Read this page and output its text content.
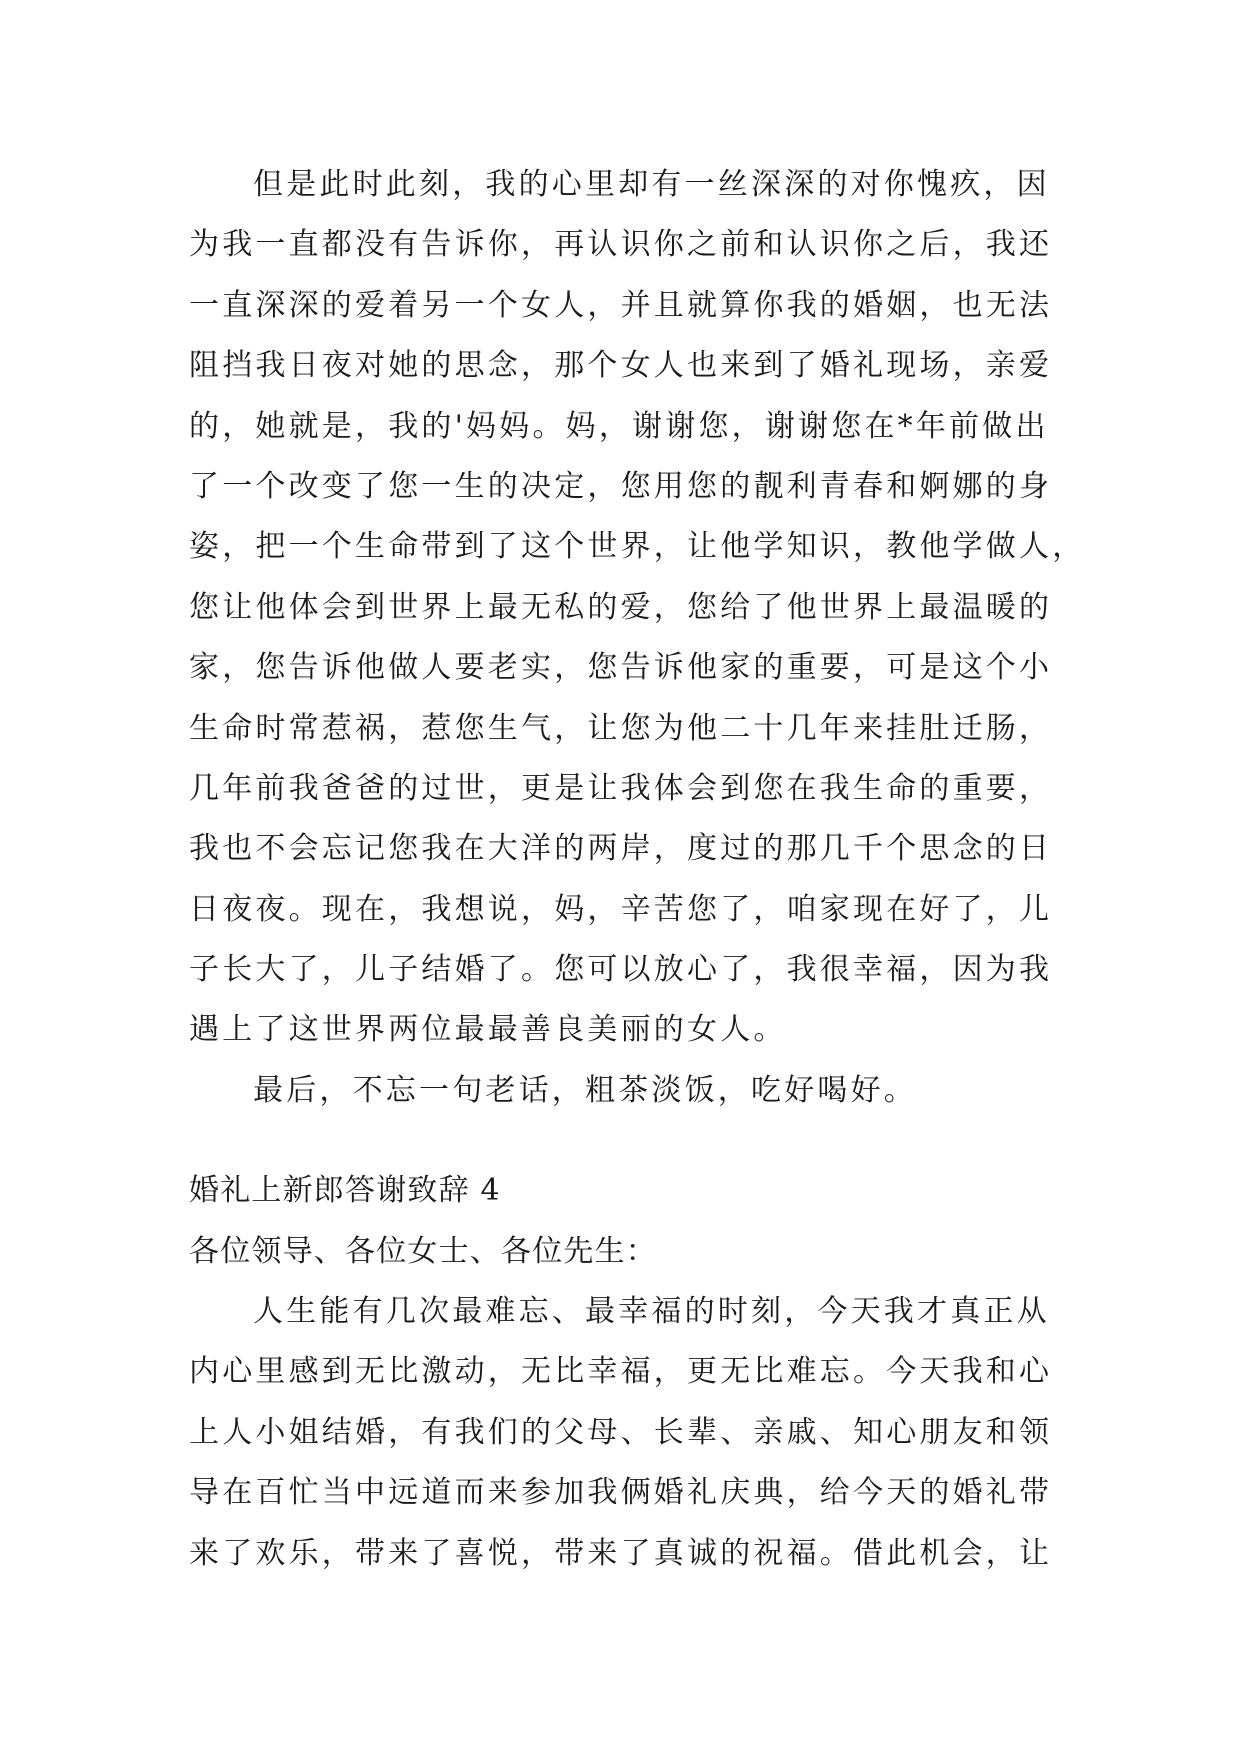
但是此时此刻，我的心里却有一丝深深的对你愧疚，因
为我一直都没有告诉你，再认识你之前和认识你之后，我还
一直深深的爱着另一个女人，并且就算你我的婚姻，也无法
阻挡我日夜对她的思念，那个女人也来到了婚礼现场，亲爱
的，她就是，我的'妈妈。妈，谢谢您，谢谢您在*年前做出
了一个改变了您一生的决定，您用您的靓利青春和婀娜的身
姿，把一个生命带到了这个世界，让他学知识，教他学做人，
您让他体会到世界上最无私的爱，您给了他世界上最温暖的
家，您告诉他做人要老实，您告诉他家的重要，可是这个小
生命时常惹祸，惹您生气，让您为他二十几年来挂肚迁肠，
几年前我爸爸的过世，更是让我体会到您在我生命的重要，
我也不会忘记您我在大洋的两岸，度过的那几千个思念的日
日夜夜。现在，我想说，妈，辛苦您了，咱家现在好了，儿
子长大了，儿子结婚了。您可以放心了，我很幸福，因为我
遇上了这世界两位最最善良美丽的女人。
最后，不忘一句老话，粗茶淡饭，吃好喝好。
婚礼上新郎答谢致辞 4
各位领导、各位女士、各位先生：
人生能有几次最难忘、最幸福的时刻，今天我才真正从
内心里感到无比激动，无比幸福，更无比难忘。今天我和心
上人小姐结婚，有我们的父母、长辈、亲戚、知心朋友和领
导在百忙当中远道而来参加我俩婚礼庆典，给今天的婚礼带
来了欢乐，带来了喜悦，带来了真诚的祝福。借此机会，让
